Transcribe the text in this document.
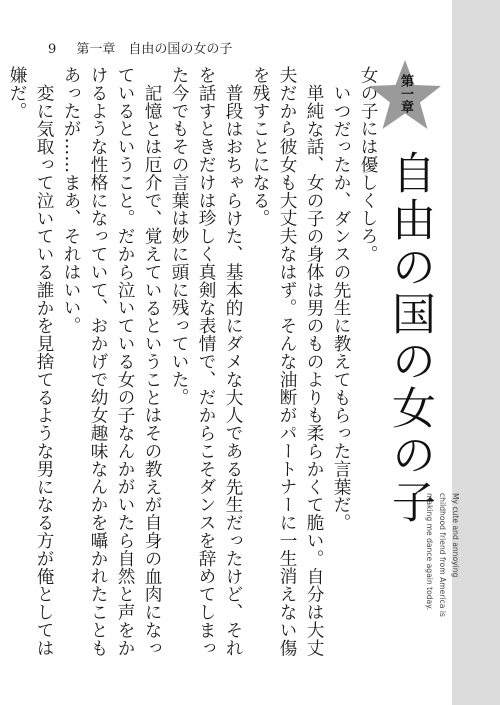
9 第一章　自由の国の女の子

女の子には優しくしろ。

いつだったか、ダンスの先生に教えてもらった言葉だ。

単純な話、女の子の身体は男のものよりも柔らかくて脆い。自分は大丈夫だから彼女も大丈夫なはず。そんな油断がパートナーに一生消えない傷を残すことになる。

普段はおちゃらけた、基本的にダメな大人である先生だったけど、それを話すときだけは珍しく真剣な表情で、だからこそダンスを辞めてしまった今でもその言葉は妙に頭に残っていた。

記憶とは厄介で、覚えているということはその教えが自身の血肉になっているということ。だから泣いている女の子なんかがいたら自然と声をかけるような性格になっていて、おかげで幼女趣味なんかを囁かれたこともあったが……まあ、それはいい。

変に気取って泣いている誰かを見捨てるような男になる方が俺としては嫌だ。	第一章
自由の国の女の子
My cute and annoying
childhood friend from America is
making me dance again today.
